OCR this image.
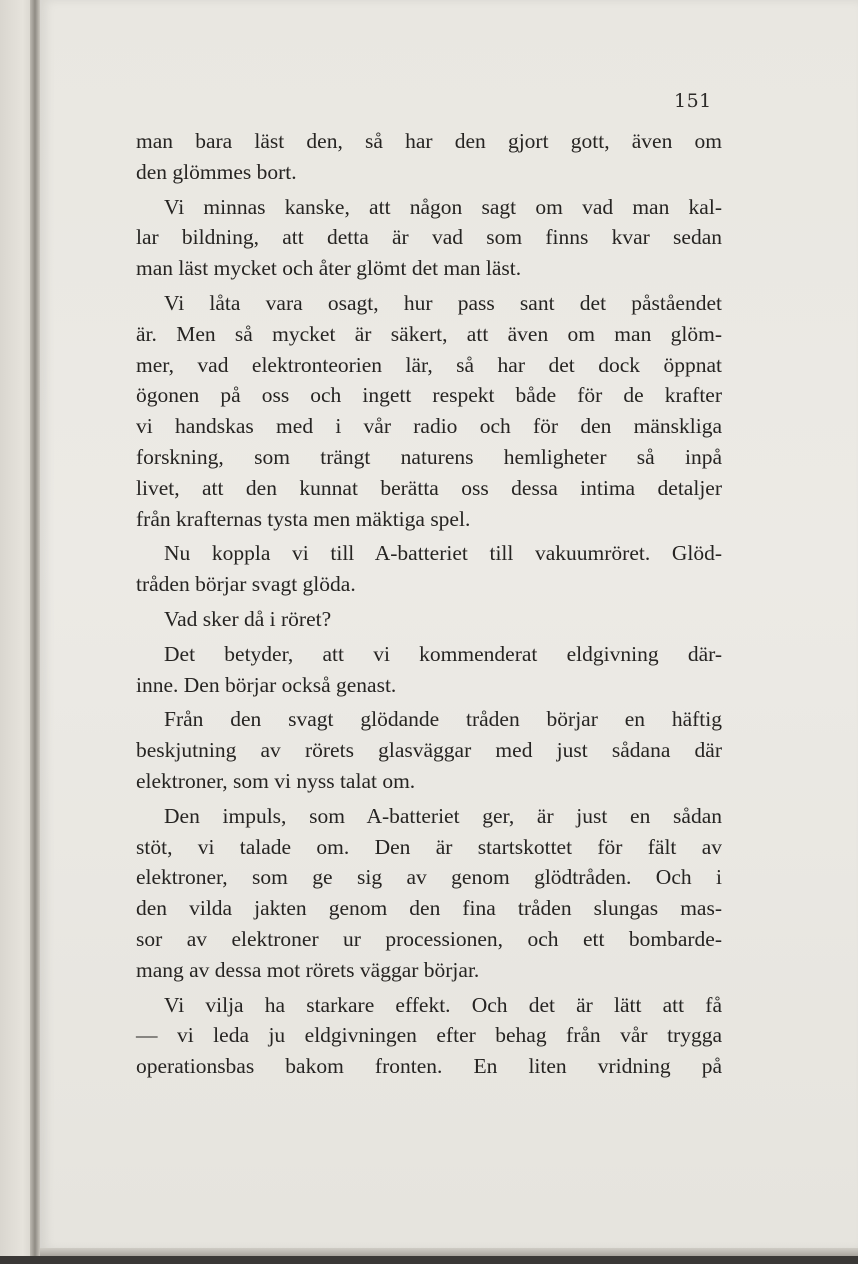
151
man bara läst den, så har den gjort gott, även om
den glömmes bort.
Vi minnas kanske, att någon sagt om vad man kal-
lar bildning, att detta är vad som finns kvar sedan
man läst mycket och åter glömt det man läst.
Vi låta vara osagt, hur pass sant det påståendet
är. Men så mycket är säkert, att även om man glöm-
mer, vad elektronteorien lär, så har det dock öppnat
ögonen på oss och ingett respekt både för de krafter
vi handskas med i vår radio och för den mänskliga
forskning, som trängt naturens hemligheter så inpå
livet, att den kunnat berätta oss dessa intima detaljer
från krafternas tysta men mäktiga spel.
Nu koppla vi till A-batteriet till vakuumröret. Glöd-
tråden börjar svagt glöda.
Vad sker då i röret?
Det betyder, att vi kommenderat eldgivning där-
inne. Den börjar också genast.
Från den svagt glödande tråden börjar en häftig
beskjutning av rörets glasväggar med just sådana där
elektroner, som vi nyss talat om.
Den impuls, som A-batteriet ger, är just en sådan
stöt, vi talade om. Den är startskottet för fält av
elektroner, som ge sig av genom glödtråden. Och i
den vilda jakten genom den fina tråden slungas mas-
sor av elektroner ur processionen, och ett bombarde-
mang av dessa mot rörets väggar börjar.
Vi vilja ha starkare effekt. Och det är lätt att få
— vi leda ju eldgivningen efter behag från vår trygga
operationsbas bakom fronten. En liten vridning på
